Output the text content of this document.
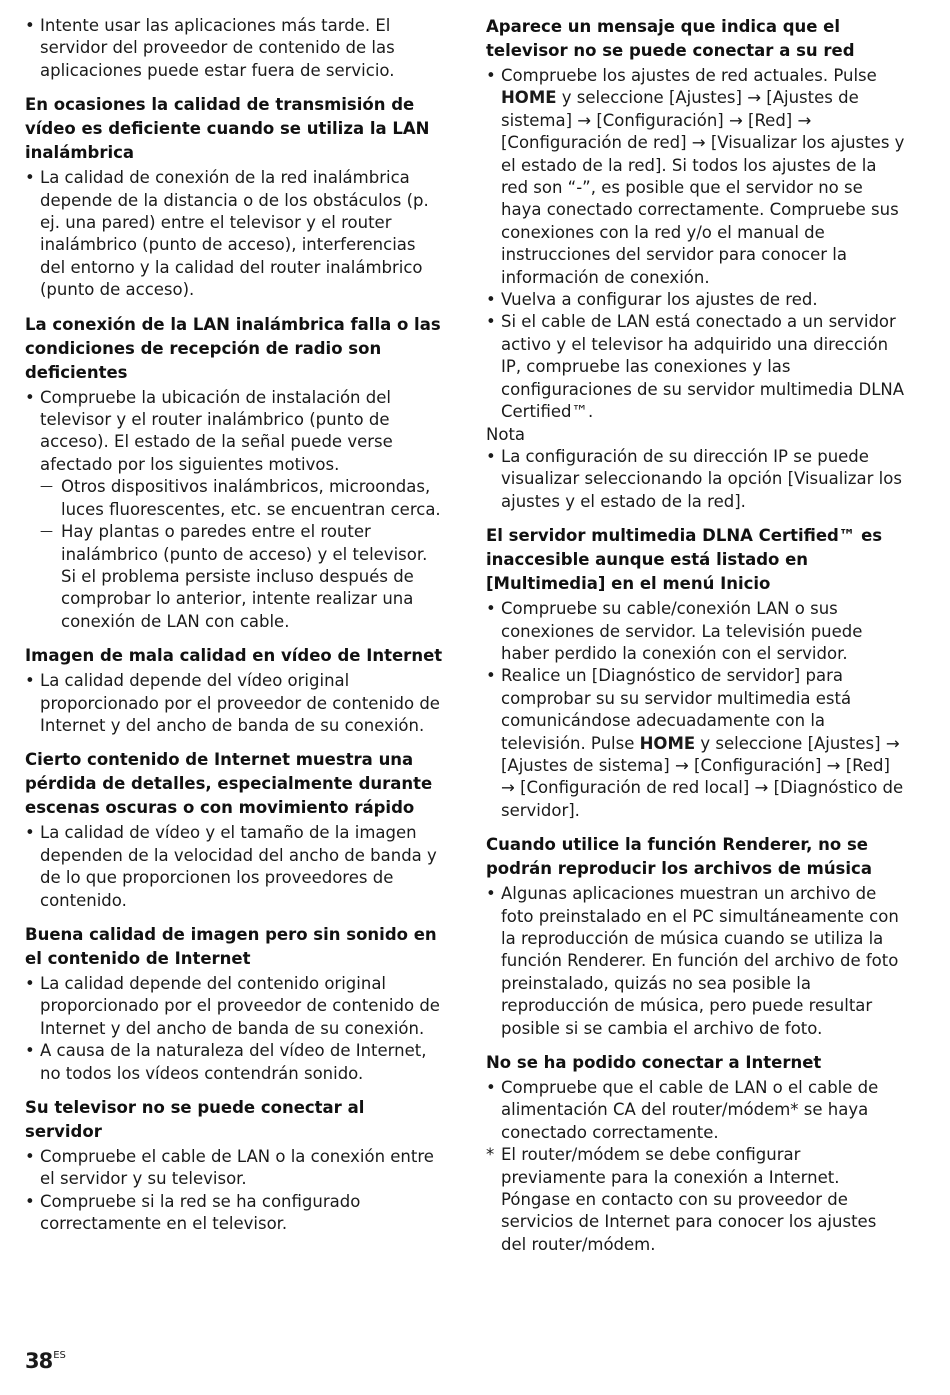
• Intente usar las aplicaciones más tarde. El servidor del proveedor de contenido de las aplicaciones puede estar fuera de servicio.
En ocasiones la calidad de transmisión de vídeo es deficiente cuando se utiliza la LAN inalámbrica
• La calidad de conexión de la red inalámbrica depende de la distancia o de los obstáculos (p. ej. una pared) entre el televisor y el router inalámbrico (punto de acceso), interferencias del entorno y la calidad del router inalámbrico (punto de acceso).
La conexión de la LAN inalámbrica falla o las condiciones de recepción de radio son deficientes
• Compruebe la ubicación de instalación del televisor y el router inalámbrico (punto de acceso). El estado de la señal puede verse afectado por los siguientes motivos.
— Otros dispositivos inalámbricos, microondas, luces fluorescentes, etc. se encuentran cerca.
— Hay plantas o paredes entre el router inalámbrico (punto de acceso) y el televisor.

Si el problema persiste incluso después de comprobar lo anterior, intente realizar una conexión de LAN con cable.

Imagen de mala calidad en vídeo de Internet
• La calidad depende del vídeo original proporcionado por el proveedor de contenido de Internet y del ancho de banda de su conexión.
Cierto contenido de Internet muestra una pérdida de detalles, especialmente durante escenas oscuras o con movimiento rápido
• La calidad de vídeo y el tamaño de la imagen dependen de la velocidad del ancho de banda y de lo que proporcionen los proveedores de contenido.
Buena calidad de imagen pero sin sonido en el contenido de Internet
• La calidad depende del contenido original proporcionado por el proveedor de contenido de Internet y del ancho de banda de su conexión.
• A causa de la naturaleza del vídeo de Internet, no todos los vídeos contendrán sonido.
Su televisor no se puede conectar al servidor
• Compruebe el cable de LAN o la conexión entre el servidor y su televisor.
• Compruebe si la red se ha configurado correctamente en el televisor.
Aparece un mensaje que indica que el televisor no se puede conectar a su red
• Compruebe los ajustes de red actuales. Pulse HOME y seleccione [Ajustes] → [Ajustes de sistema] → [Configuración] → [Red] → [Configuración de red] → [Visualizar los ajustes y el estado de la red]. Si todos los ajustes de la red son “-”, es posible que el servidor no se haya conectado correctamente. Compruebe sus conexiones con la red y/o el manual de instrucciones del servidor para conocer la información de conexión.
• Vuelva a configurar los ajustes de red.
• Si el cable de LAN está conectado a un servidor activo y el televisor ha adquirido una dirección IP, compruebe las conexiones y las configuraciones de su servidor multimedia DLNA Certified™.

Nota

• La configuración de su dirección IP se puede visualizar seleccionando la opción [Visualizar los ajustes y el estado de la red].
El servidor multimedia DLNA Certified™ es inaccesible aunque está listado en [Multimedia] en el menú Inicio
• Compruebe su cable/conexión LAN o sus conexiones de servidor. La televisión puede haber perdido la conexión con el servidor.
• Realice un [Diagnóstico de servidor] para comprobar su su servidor multimedia está comunicándose adecuadamente con la televisión. Pulse HOME y seleccione [Ajustes] → [Ajustes de sistema] → [Configuración] → [Red] → [Configuración de red local] → [Diagnóstico de servidor].
Cuando utilice la función Renderer, no se podrán reproducir los archivos de música
• Algunas aplicaciones muestran un archivo de foto preinstalado en el PC simultáneamente con la reproducción de música cuando se utiliza la función Renderer. En función del archivo de foto preinstalado, quizás no sea posible la reproducción de música, pero puede resultar posible si se cambia el archivo de foto.
No se ha podido conectar a Internet
• Compruebe que el cable de LAN o el cable de alimentación CA del router/módem* se haya conectado correctamente.
* El router/módem se debe configurar previamente para la conexión a Internet. Póngase en contacto con su proveedor de servicios de Internet para conocer los ajustes del router/módem.
$38^{ES}$
